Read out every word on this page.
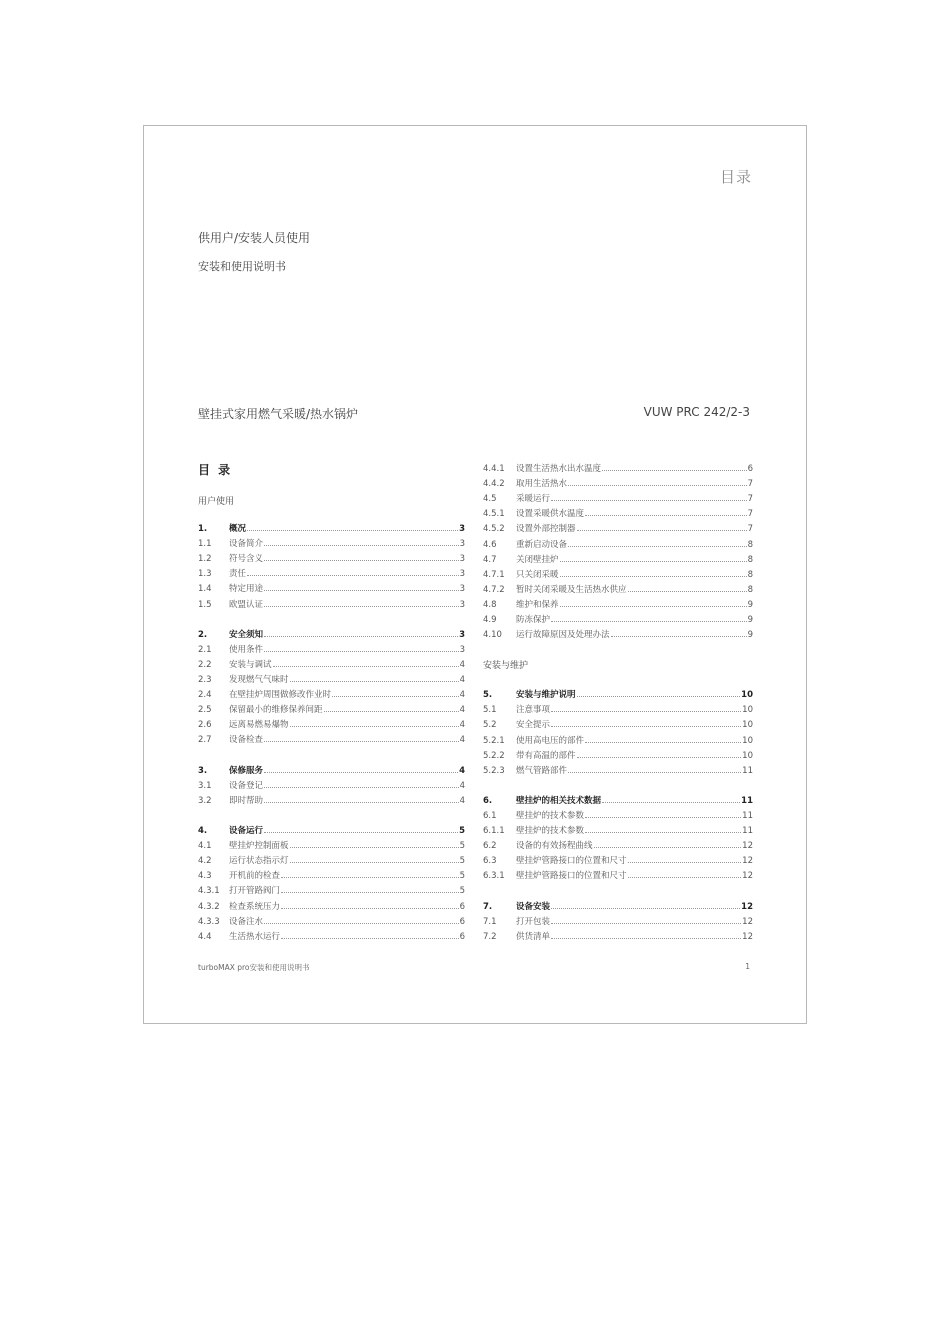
目录
供用户/安装人员使用
安装和使用说明书
壁挂式家用燃气采暖/热水锅炉	VUW PRC 242/2-3
目 录
用户使用
1.	概况	3
1.1	设备简介	3
1.2	符号含义	3
1.3	责任	3
1.4	特定用途	3
1.5	欧盟认证	3
2.	安全须知	3
2.1	使用条件	3
2.2	安装与调试	4
2.3	发现燃气气味时	4
2.4	在壁挂炉周围做修改作业时	4
2.5	保留最小的维修保养间距	4
2.6	远离易燃易爆物	4
2.7	设备检查	4
3.	保修服务	4
3.1	设备登记	4
3.2	即时帮助	4
4.	设备运行	5
4.1	壁挂炉控制面板	5
4.2	运行状态指示灯	5
4.3	开机前的检查	5
4.3.1	打开管路阀门	5
4.3.2	检查系统压力	6
4.3.3	设备注水	6
4.4	生活热水运行	6
4.4.1	设置生活热水出水温度	6
4.4.2	取用生活热水	7
4.5	采暖运行	7
4.5.1	设置采暖供水温度	7
4.5.2	设置外部控制器	7
4.6	重新启动设备	8
4.7	关闭壁挂炉	8
4.7.1	只关闭采暖	8
4.7.2	暂时关闭采暖及生活热水供应	8
4.8	维护和保养	9
4.9	防冻保护	9
4.10	运行故障原因及处理办法	9
安装与维护
5.	安装与维护说明	10
5.1	注意事项	10
5.2	安全提示	10
5.2.1	使用高电压的部件	10
5.2.2	带有高温的部件	10
5.2.3	燃气管路部件	11
6.	壁挂炉的相关技术数据	11
6.1	壁挂炉的技术参数	11
6.1.1	壁挂炉的技术参数	11
6.2	设备的有效扬程曲线	12
6.3	壁挂炉管路接口的位置和尺寸	12
6.3.1	壁挂炉管路接口的位置和尺寸	12
7.	设备安装	12
7.1	打开包装	12
7.2	供货清单	12
turboMAX pro安装和使用说明书	1
